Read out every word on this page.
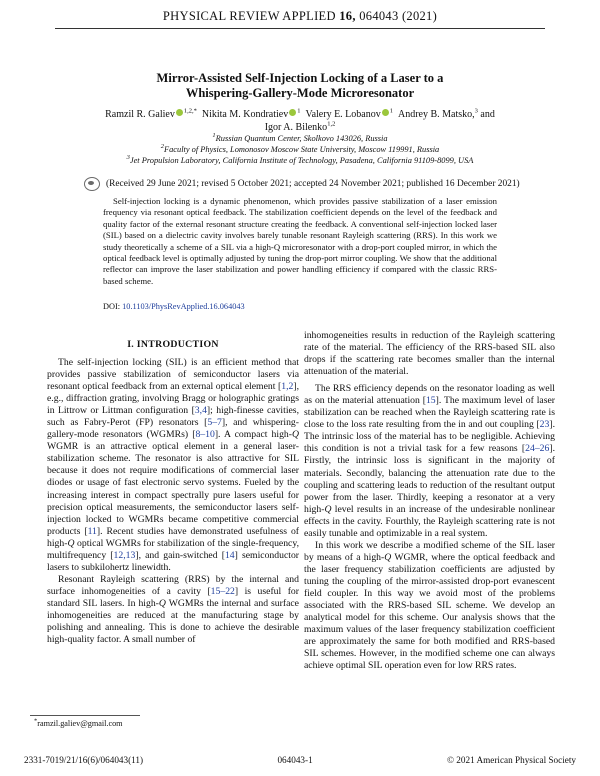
PHYSICAL REVIEW APPLIED 16, 064043 (2021)
Mirror-Assisted Self-Injection Locking of a Laser to a
Whispering-Gallery-Mode Microresonator
Ramzil R. Galiev $^{1,2,*}$ Nikita M. Kondratiev $^1$ Valery E. Lobanov $^1$ Andrey B. Matsko,$^3$ and
Igor A. Bilenko$^{1,2}$
$^1$Russian Quantum Center, Skolkovo 143026, Russia
$^2$Faculty of Physics, Lomonosov Moscow State University, Moscow 119991, Russia
$^3$Jet Propulsion Laboratory, California Institute of Technology, Pasadena, California 91109-8099, USA
(Received 29 June 2021; revised 5 October 2021; accepted 24 November 2021; published 16 December 2021)
Self-injection locking is a dynamic phenomenon, which provides passive stabilization of a laser emission frequency via resonant optical feedback. The stabilization coefficient depends on the level of the feedback and quality factor of the external resonant structure creating the feedback. A conventional self-injection locked laser (SIL) based on a dielectric cavity involves barely tunable resonant Rayleigh scattering (RRS). In this work we study theoretically a scheme of a SIL via a high-Q microresonator with a drop-port coupled mirror, in which the optical feedback level is optimally adjusted by tuning the drop-port mirror coupling. We show that the additional reflector can improve the laser stabilization and power handling efficiency if compared with the classic RRS-based scheme.
DOI: 10.1103/PhysRevApplied.16.064043
I. INTRODUCTION

The self-injection locking (SIL) is an efficient method that provides passive stabilization of semiconductor lasers via resonant optical feedback from an external optical element [1,2], e.g., diffraction grating, involving Bragg or holographic gratings in Littrow or Littman configuration [3,4]; high-finesse cavities, such as Fabry-Perot (FP) resonators [5–7], and whispering-gallery-mode resonators (WGMRs) [8–10]. A compact high-Q WGMR is an attractive optical element in a general laser-stabilization scheme. The resonator is also attractive for SIL because it does not require modifications of commercial laser diodes or usage of fast electronic servo systems. Fueled by the increasing interest in compact spectrally pure lasers useful for precision optical measurements, the semiconductor lasers self-injection locked to WGMRs became competitive commercial products [11]. Recent studies have demonstrated usefulness of high-Q optical WGMRs for stabilization of the single-frequency, multifrequency [12,13], and gain-switched [14] semiconductor lasers to subkilohertz linewidth.

Resonant Rayleigh scattering (RRS) by the internal and surface inhomogeneities of a cavity [15–22] is useful for standard SIL lasers. In high-Q WGMRs the internal and surface inhomogeneities are reduced at the manufacturing stage by polishing and annealing. This is done to achieve the desirable high-quality factor. A small number of

inhomogeneities results in reduction of the Rayleigh scattering rate of the material. The efficiency of the RRS-based SIL also drops if the scattering rate becomes smaller than the internal attenuation of the material.

The RRS efficiency depends on the resonator loading as well as on the material attenuation [15]. The maximum level of laser stabilization can be reached when the Rayleigh scattering rate is close to the loss rate resulting from the in and out coupling [23]. The intrinsic loss of the material has to be negligible. Achieving this condition is not a trivial task for a few reasons [24–26]. Firstly, the intrinsic loss is significant in the majority of materials. Secondly, balancing the attenuation rate due to the coupling and scattering leads to reduction of the resultant output power from the laser. Thirdly, keeping a resonator at a very high-Q level results in an increase of the undesirable nonlinear effects in the cavity. Fourthly, the Rayleigh scattering rate is not easily tunable and optimizable in a real system.

In this work we describe a modified scheme of the SIL laser by means of a high-Q WGMR, where the optical feedback and the laser frequency stabilization coefficients are adjusted by tuning the coupling of the mirror-assisted drop-port evanescent field coupler. In this way we avoid most of the problems associated with the RRS-based SIL scheme. We develop an analytical model for this scheme. Our analysis shows that the maximum values of the laser frequency stabilization coefficient are approximately the same for both modified and RRS-based SIL schemes. However, in the modified scheme one can always achieve optimal SIL operation even for low RRS rates.

*ramzil.galiev@gmail.com
2331-7019/21/16(6)/064043(11)	064043-1	© 2021 American Physical Society
